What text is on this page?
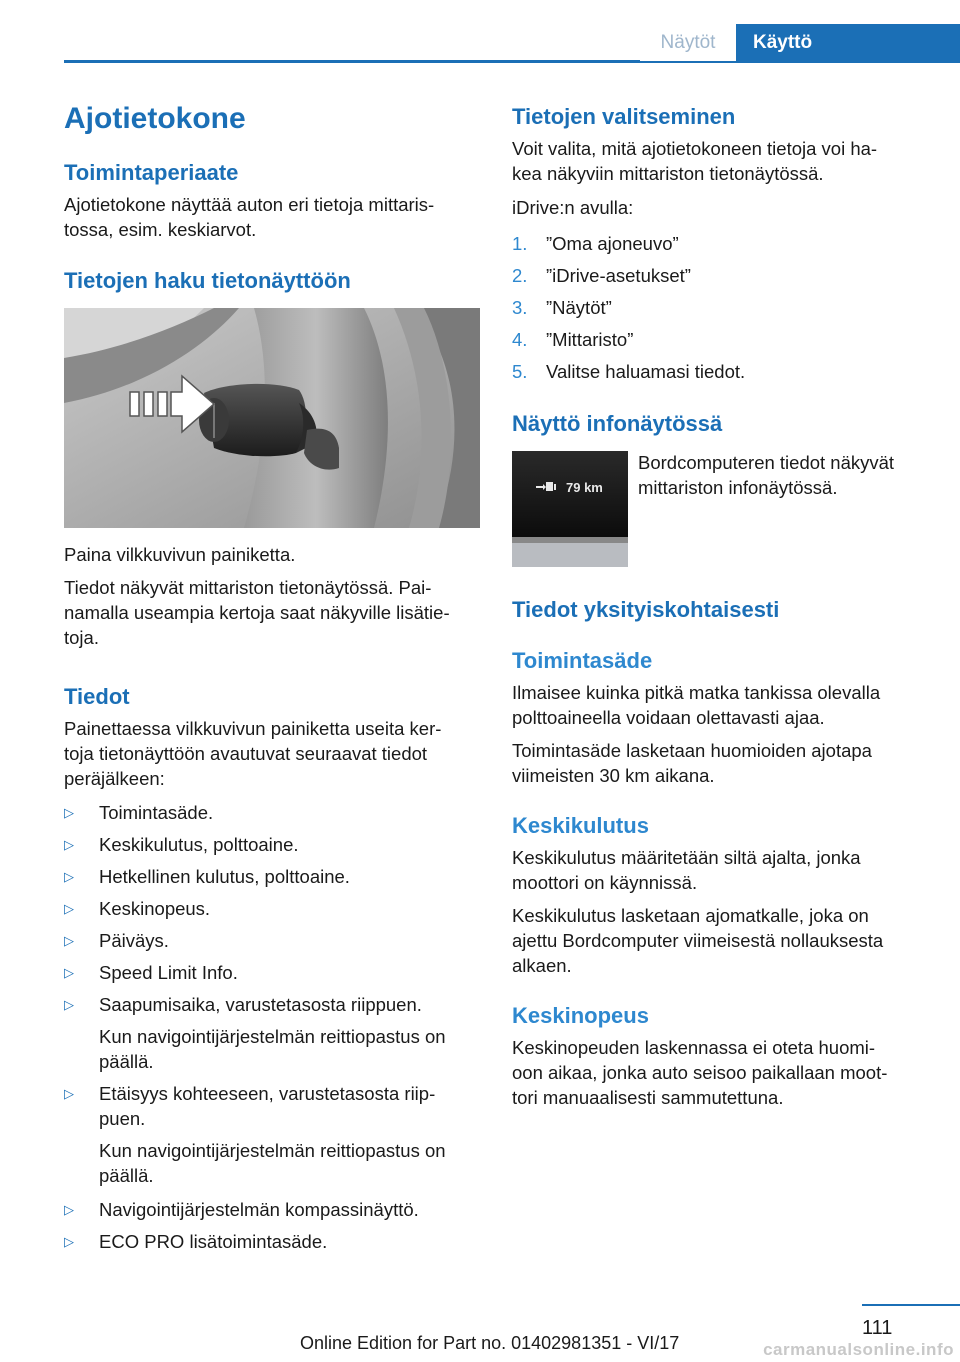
Näytöt	Käyttö
Ajotietokone
Toimintaperiaate
Ajotietokone näyttää auton eri tietoja mittaris-
tossa, esim. keskiarvot.
Tietojen haku tietonäyttöön
Paina vilkkuvivun painiketta.
Tiedot näkyvät mittariston tietonäytössä. Pai-
namalla useampia kertoja saat näkyville lisätie-
toja.
Tiedot
Painettaessa vilkkuvivun painiketta useita ker-
toja tietonäyttöön avautuvat seuraavat tiedot
peräjälkeen:
▷ Toimintasäde.
▷ Keskikulutus, polttoaine.
▷ Hetkellinen kulutus, polttoaine.
▷ Keskinopeus.
▷ Päiväys.
▷ Speed Limit Info.
▷ Saapumisaika, varustetasosta riippuen.
Kun navigointijärjestelmän reittiopastus on
päällä.
▷ Etäisyys kohteeseen, varustetasosta riip-
puen.
Kun navigointijärjestelmän reittiopastus on
päällä.
▷ Navigointijärjestelmän kompassinäyttö.
▷ ECO PRO lisätoimintasäde.
Tietojen valitseminen
Voit valita, mitä ajotietokoneen tietoja voi ha-
kea näkyviin mittariston tietonäytössä.
iDrive:n avulla:
1.	”Oma ajoneuvo”
2.	”iDrive-asetukset”
3.	”Näytöt”
4.	”Mittaristo”
5.	Valitse haluamasi tiedot.
Näyttö infonäytössä
79 km
Bordcomputeren tiedot näkyvät
mittariston infonäytössä.
Tiedot yksityiskohtaisesti
Toimintasäde
Ilmaisee kuinka pitkä matka tankissa olevalla
polttoaineella voidaan olettavasti ajaa.
Toimintasäde lasketaan huomioiden ajotapa
viimeisten 30 km aikana.
Keskikulutus
Keskikulutus määritetään siltä ajalta, jonka
moottori on käynnissä.
Keskikulutus lasketaan ajomatkalle, joka on
ajettu Bordcomputer viimeisestä nollauksesta
alkaen.
Keskinopeus
Keskinopeuden laskennassa ei oteta huomi-
oon aikaa, jonka auto seisoo paikallaan moot-
tori manuaalisesti sammutettuna.
111
Online Edition for Part no. 01402981351 - VI/17	carmanualsonline.info
